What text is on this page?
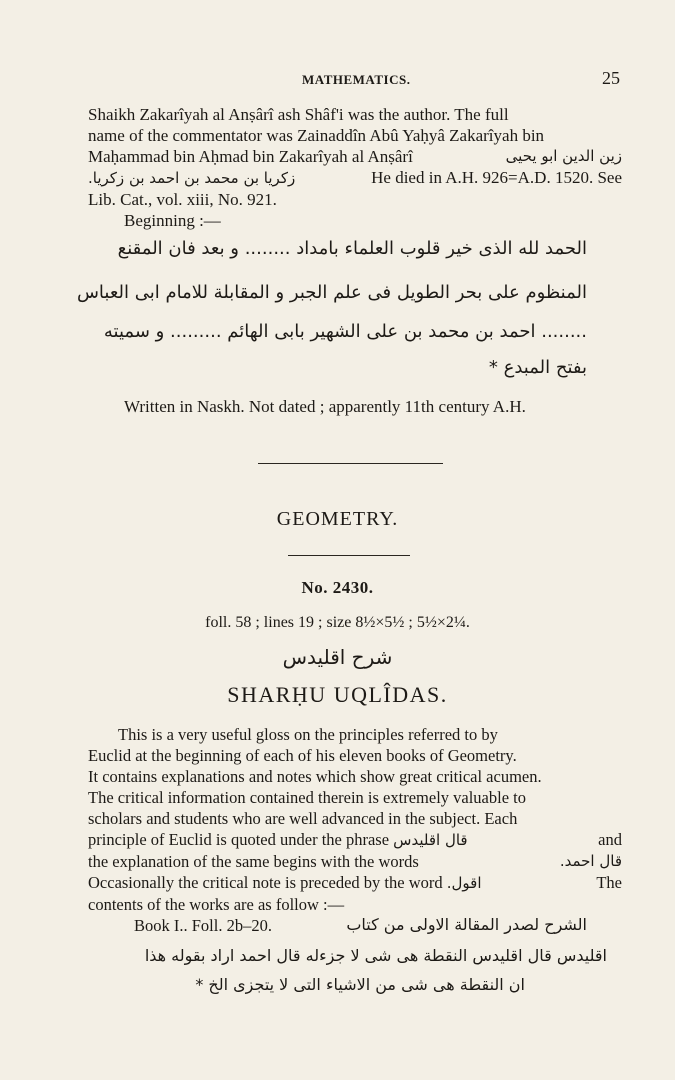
MATHEMATICS.	25
Shaikh Zakarîyah al Anṣârî ash Shâf'i was the author. The full
name of the commentator was Zainaddîn Abû Yaḥyâ Zakarîyah bin
Maḥammad bin Aḥmad bin Zakarîyah al Anṣârî	زين الدين ابو يحيى
زكريا بن محمد بن احمد بن زكريا.	He died in A.H. 926=A.D. 1520. See
Lib. Cat., vol. xiii, No. 921.
Beginning :—
الحمد لله الذى خير قلوب العلماء بامداد ........ و بعد فان المقنع
المنظوم على بحر الطويل فى علم الجبر و المقابلة للامام ابى العباس
........ احمد بن محمد بن على الشهير بابى الهائم ......... و سميته
بفتح المبدع *
Written in Naskh. Not dated ; apparently 11th century A.H.
GEOMETRY.
No. 2430.
foll. 58 ; lines 19 ; size 8½×5½ ; 5½×2¼.
شرح اقليدس
SHARḤU UQLÎDAS.
This is a very useful gloss on the principles referred to by
Euclid at the beginning of each of his eleven books of Geometry.
It contains explanations and notes which show great critical acumen.
The critical information contained therein is extremely valuable to
scholars and students who are well advanced in the subject. Each
principle of Euclid is quoted under the phrase قال اقليدس	and
the explanation of the same begins with the words	قال احمد.
Occasionally the critical note is preceded by the word اقول.	The
contents of the works are as follow :—
Book I.. Foll. 2b–20.	الشرح لصدر المقالة الاولى من كتاب
اقليدس قال اقليدس النقطة هى شى لا جزءله قال احمد اراد بقوله هذا
ان النقطة هى شى من الاشياء التى لا يتجزى الخ *
